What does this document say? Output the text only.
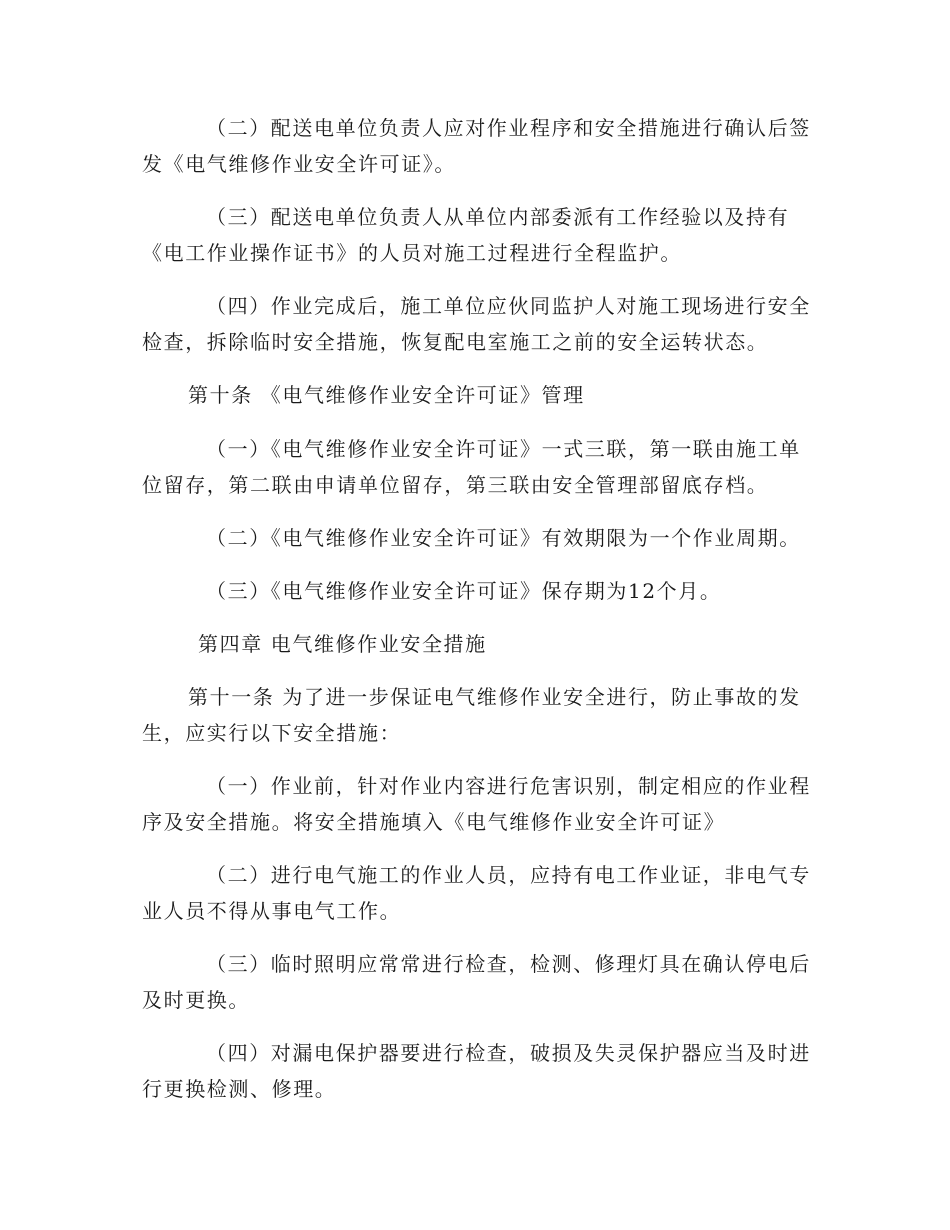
（二）配送电单位负责人应对作业程序和安全措施进行确认后签
发《电气维修作业安全许可证》。

（三）配送电单位负责人从单位内部委派有工作经验以及持有
《电工作业操作证书》的人员对施工过程进行全程监护。

（四）作业完成后，施工单位应伙同监护人对施工现场进行安全
检查，拆除临时安全措施，恢复配电室施工之前的安全运转状态。

第十条 《电气维修作业安全许可证》管理

（一）《电气维修作业安全许可证》一式三联，第一联由施工单
位留存，第二联由申请单位留存，第三联由安全管理部留底存档。

（二）《电气维修作业安全许可证》有效期限为一个作业周期。

（三）《电气维修作业安全许可证》保存期为12个月。

第四章 电气维修作业安全措施

第十一条 为了进一步保证电气维修作业安全进行，防止事故的发
生，应实行以下安全措施：

（一）作业前，针对作业内容进行危害识别，制定相应的作业程
序及安全措施。将安全措施填入《电气维修作业安全许可证》

（二）进行电气施工的作业人员，应持有电工作业证，非电气专
业人员不得从事电气工作。

（三）临时照明应常常进行检查，检测、修理灯具在确认停电后
及时更换。

（四）对漏电保护器要进行检查，破损及失灵保护器应当及时进
行更换检测、修理。
